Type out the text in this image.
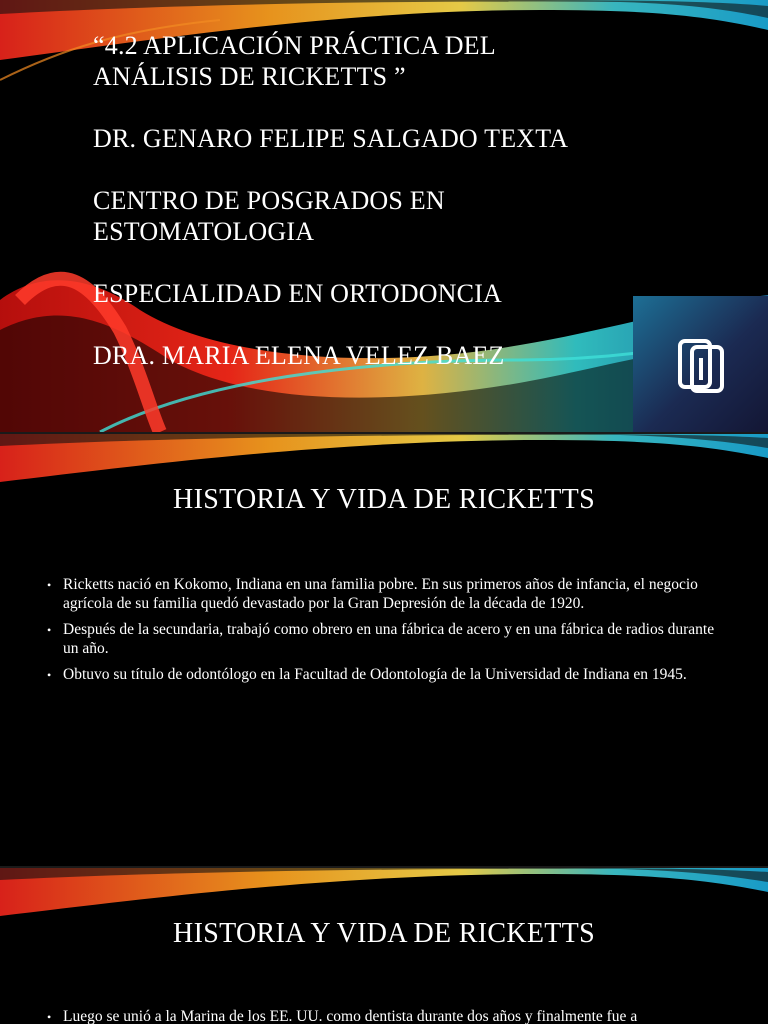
“4.2 APLICACIÓN PRÁCTICA DEL

ANÁLISIS DE RICKETTS ”

DR. GENARO FELIPE SALGADO TEXTA

CENTRO DE POSGRADOS EN

ESTOMATOLOGIA

ESPECIALIDAD EN ORTODONCIA

DRA. MARIA ELENA VELEZ BAEZ

HISTORIA Y VIDA DE RICKETTS
• Ricketts nació en Kokomo, Indiana en una familia pobre. En sus primeros años de infancia, el negocio agrícola de su familia quedó devastado por la Gran Depresión de la década de 1920.
• Después de la secundaria, trabajó como obrero en una fábrica de acero y en una fábrica de radios durante un año.
• Obtuvo su título de odontólogo en la Facultad de Odontología de la Universidad de Indiana en 1945.
HISTORIA Y VIDA DE RICKETTS
• Luego se unió a la Marina de los EE. UU. como dentista durante dos años y finalmente fue a
